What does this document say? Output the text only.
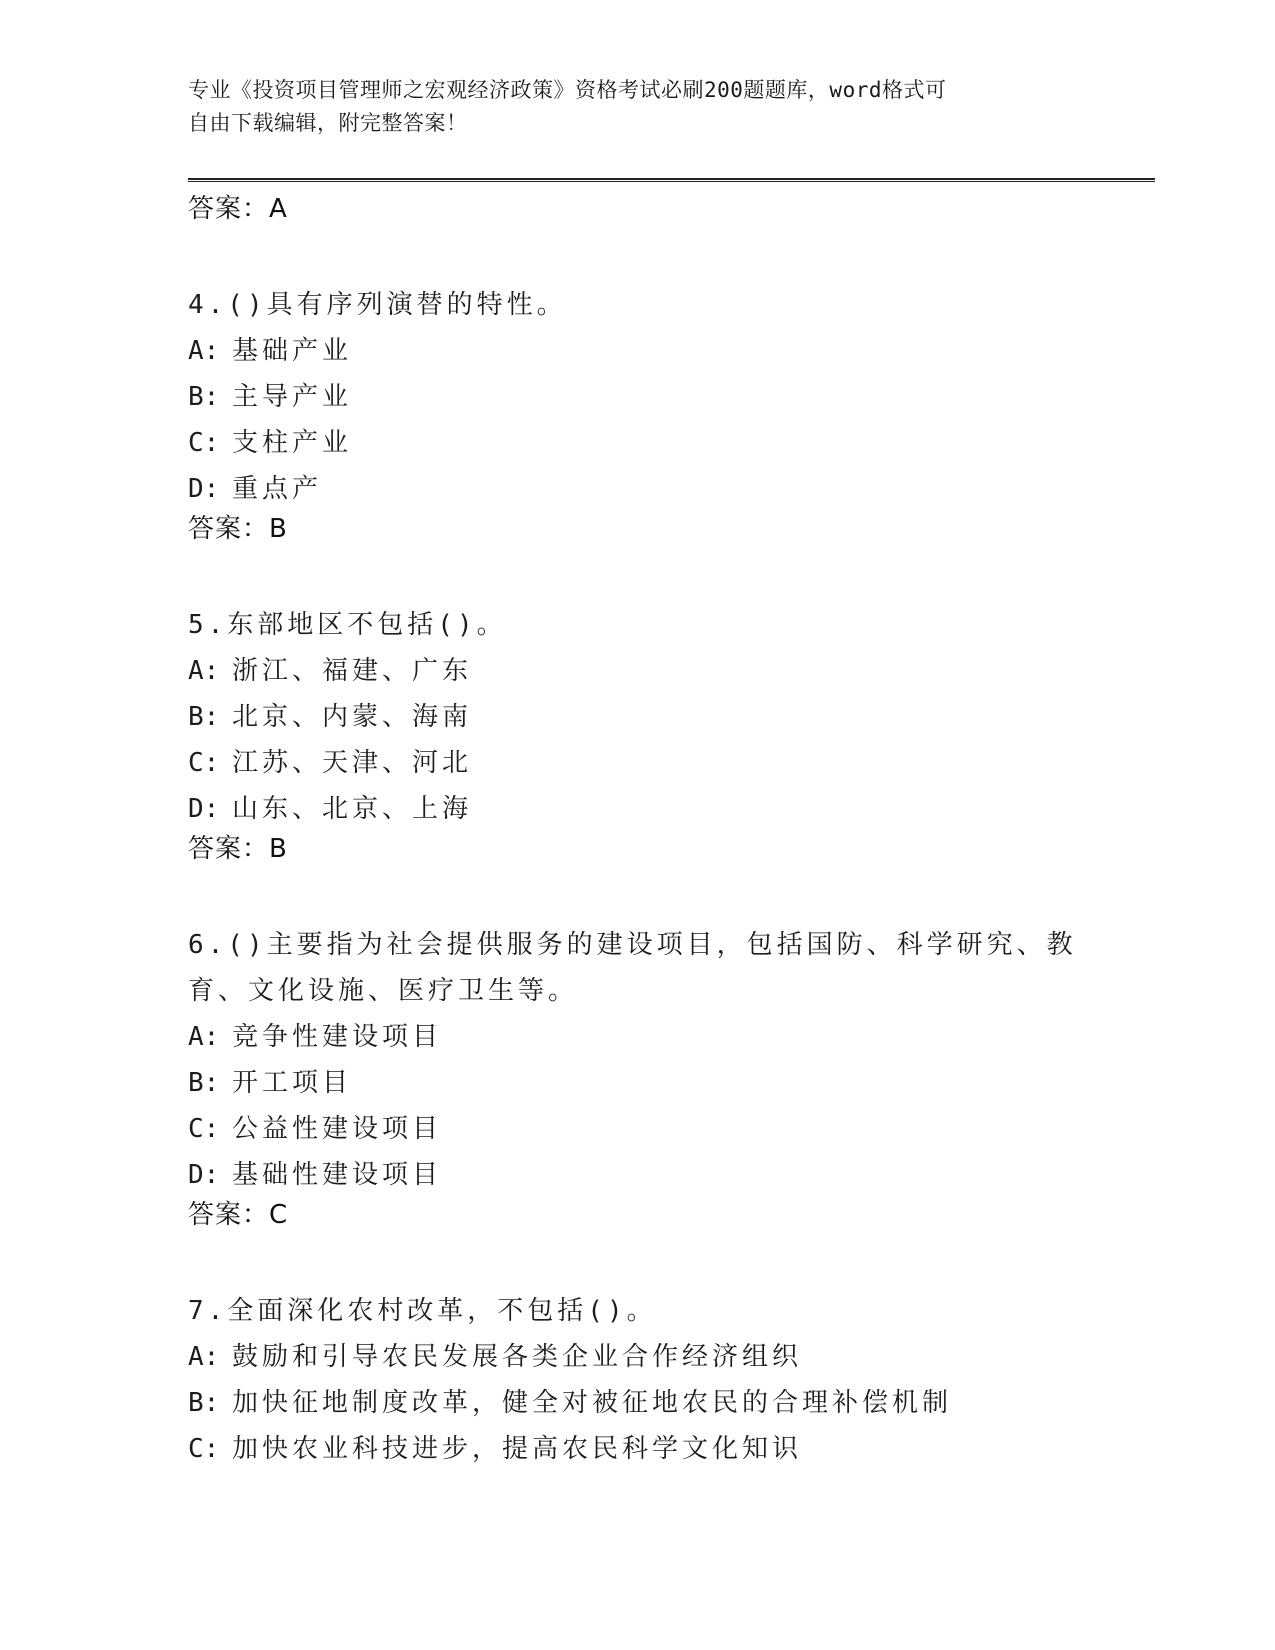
专业《投资项目管理师之宏观经济政策》资格考试必刷200题题库，word格式可
自由下载编辑，附完整答案！
答案：A
4.()具有序列演替的特性。
A: 基础产业
B: 主导产业
C: 支柱产业
D: 重点产
答案：B
5.东部地区不包括()。
A: 浙江、福建、广东
B: 北京、内蒙、海南
C: 江苏、天津、河北
D: 山东、北京、上海
答案：B
6.()主要指为社会提供服务的建设项目，包括国防、科学研究、教育、文化设施、医疗卫生等。
A: 竞争性建设项目
B: 开工项目
C: 公益性建设项目
D: 基础性建设项目
答案：C
7.全面深化农村改革，不包括()。
A: 鼓励和引导农民发展各类企业合作经济组织
B: 加快征地制度改革，健全对被征地农民的合理补偿机制
C: 加快农业科技进步，提高农民科学文化知识
